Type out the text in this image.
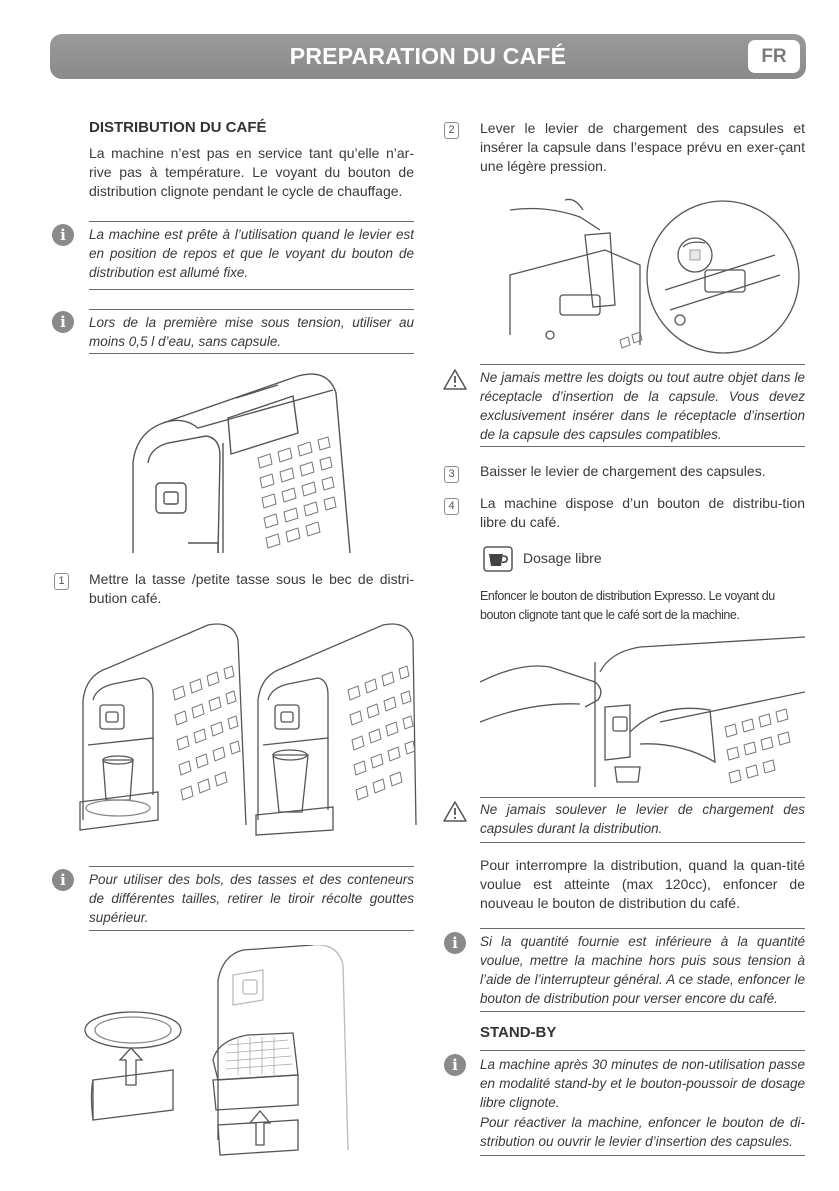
PREPARATION DU CAFÉ	FR
DISTRIBUTION DU CAFÉ
La machine n’est pas en service tant qu’elle n’ar-rive pas à température. Le voyant du bouton de distribution clignote pendant le cycle de chauffage.
i	La machine est prête à l’utilisation quand le levier est en position de repos et que le voyant du bouton de distribution est allumé fixe.
i	Lors de la première mise sous tension, utiliser au moins 0,5 l d’eau, sans capsule.
1	Mettre la tasse /petite tasse sous le bec de distri-bution café.
i	Pour utiliser des bols, des tasses et des conteneurs de différentes tailles, retirer le tiroir récolte gouttes supérieur.
2	Lever le levier de chargement des capsules et insérer la capsule dans l’espace prévu en exer-çant une légère pression.
Ne jamais mettre les doigts ou tout autre objet dans le réceptacle d’insertion de la capsule. Vous devez exclusivement insérer dans le réceptacle d’insertion de la capsule des capsules compatibles.
3	Baisser le levier de chargement des capsules.
4	La machine dispose d’un bouton de distribu-tion libre du café.
Dosage libre
Enfoncer le bouton de distribution Expresso. Le voyant du bouton clignote tant que le café sort de la machine.
Ne jamais soulever le levier de chargement des capsules durant la distribution.
Pour interrompre la distribution, quand la quan-tité voulue est atteinte (max 120cc), enfoncer de nouveau le bouton de distribution du café.
i	Si la quantité fournie est inférieure à la quantité voulue, mettre la machine hors puis sous tension à l’aide de l’interrupteur général. A ce stade, enfoncer le bouton de distribution pour verser encore du café.
STAND-BY
i	La machine après 30 minutes de non-utilisation passe en modalité stand-by et le bouton-poussoir de dosage libre clignote.
Pour réactiver la machine, enfoncer le bouton de di-stribution ou ouvrir le levier d’insertion des capsules.
